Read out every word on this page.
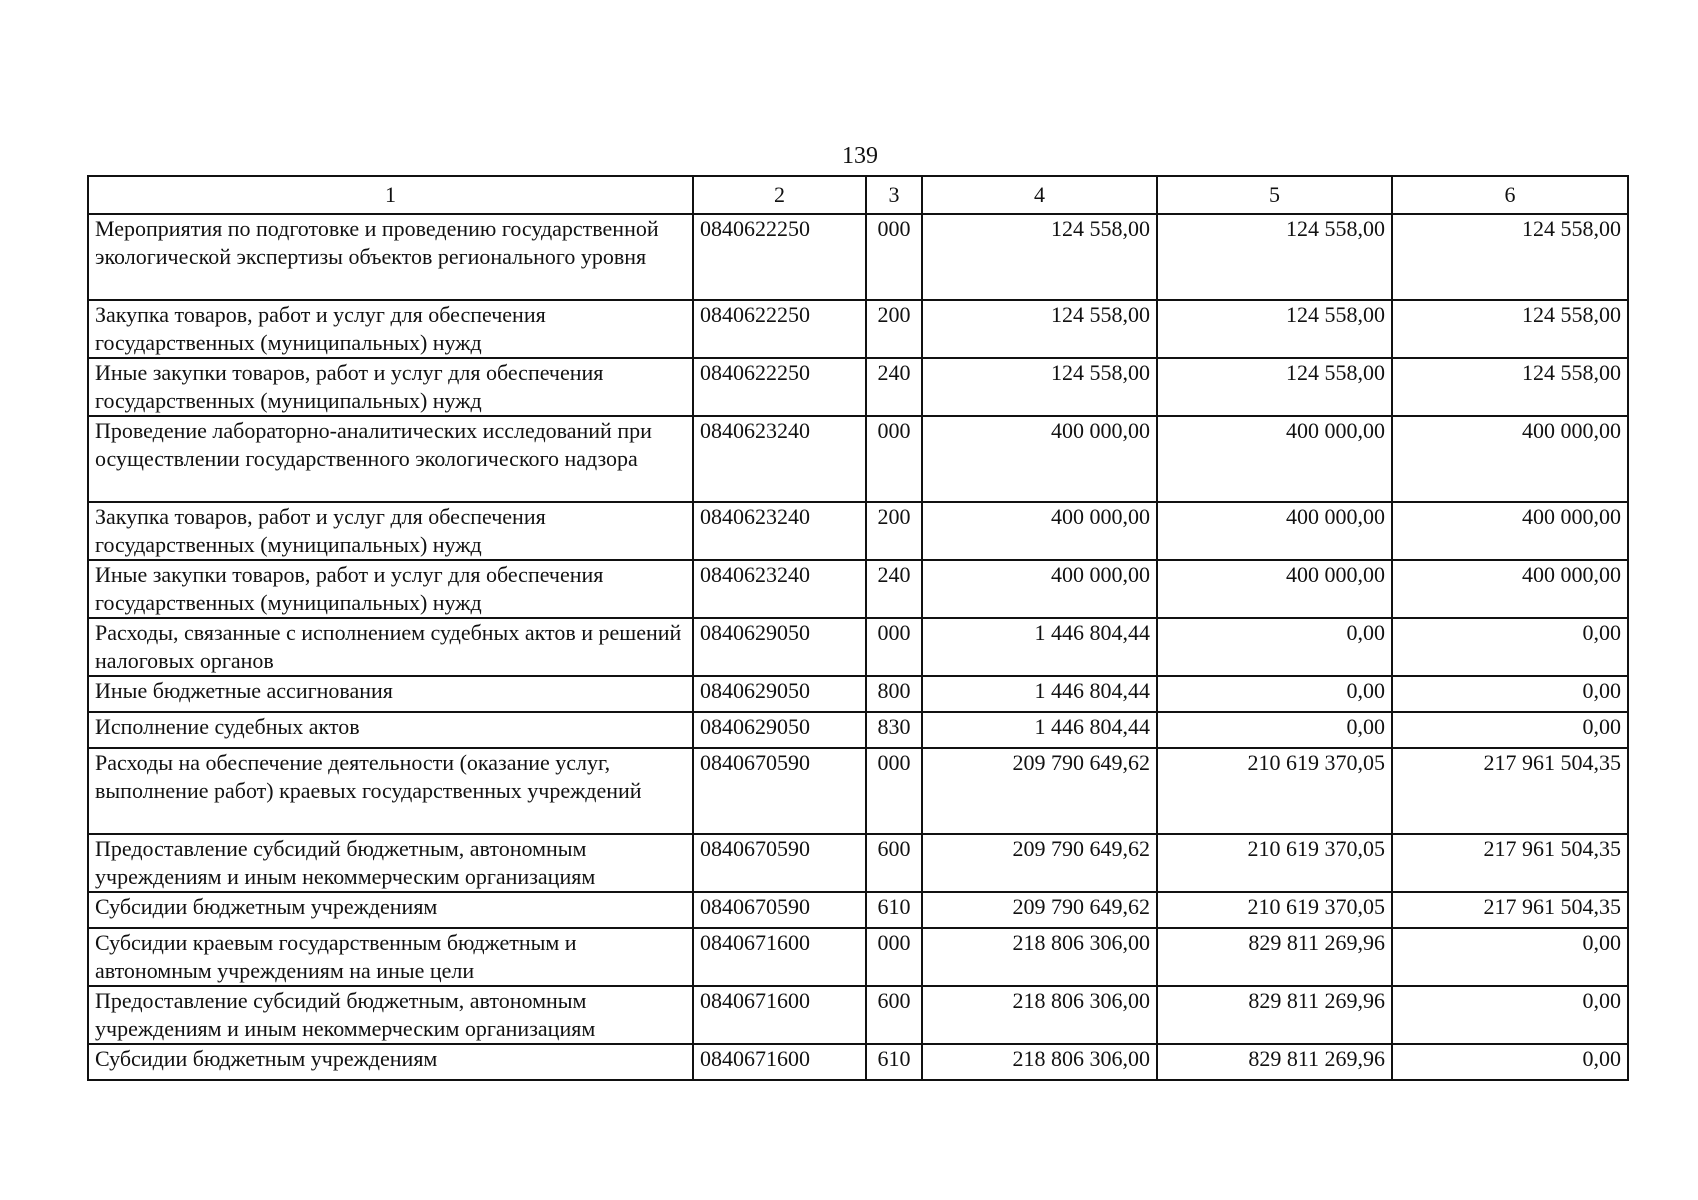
139
1	2	3	4	5	6
Мероприятия по подготовке и проведению государственной экологической экспертизы объектов регионального уровня	0840622250	000	124 558,00	124 558,00	124 558,00
Закупка товаров, работ и услуг для обеспечения государственных (муниципальных) нужд	0840622250	200	124 558,00	124 558,00	124 558,00
Иные закупки товаров, работ и услуг для обеспечения государственных (муниципальных) нужд	0840622250	240	124 558,00	124 558,00	124 558,00
Проведение лабораторно-аналитических исследований при осуществлении государственного экологического надзора	0840623240	000	400 000,00	400 000,00	400 000,00
Закупка товаров, работ и услуг для обеспечения государственных (муниципальных) нужд	0840623240	200	400 000,00	400 000,00	400 000,00
Иные закупки товаров, работ и услуг для обеспечения государственных (муниципальных) нужд	0840623240	240	400 000,00	400 000,00	400 000,00
Расходы, связанные с исполнением судебных актов и решений налоговых органов	0840629050	000	1 446 804,44	0,00	0,00
Иные бюджетные ассигнования	0840629050	800	1 446 804,44	0,00	0,00
Исполнение судебных актов	0840629050	830	1 446 804,44	0,00	0,00
Расходы на обеспечение деятельности (оказание услуг, выполнение работ) краевых государственных учреждений	0840670590	000	209 790 649,62	210 619 370,05	217 961 504,35
Предоставление субсидий бюджетным, автономным учреждениям и иным некоммерческим организациям	0840670590	600	209 790 649,62	210 619 370,05	217 961 504,35
Субсидии бюджетным учреждениям	0840670590	610	209 790 649,62	210 619 370,05	217 961 504,35
Субсидии краевым государственным бюджетным и автономным учреждениям на иные цели	0840671600	000	218 806 306,00	829 811 269,96	0,00
Предоставление субсидий бюджетным, автономным учреждениям и иным некоммерческим организациям	0840671600	600	218 806 306,00	829 811 269,96	0,00
Субсидии бюджетным учреждениям	0840671600	610	218 806 306,00	829 811 269,96	0,00
